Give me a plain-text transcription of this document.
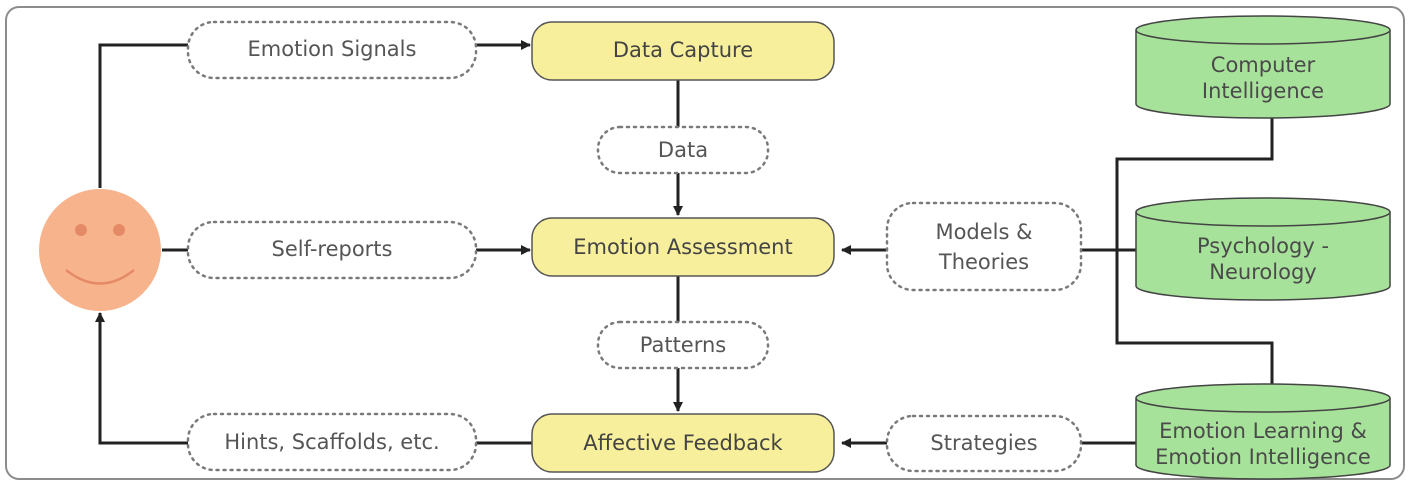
Emotion Signals
Self-reports
Hints, Scaffolds, etc.
Data
Patterns
Models &
Theories
Strategies
Data Capture
Emotion Assessment
Affective Feedback
Computer
Intelligence
Psychology -
Neurology
Emotion Learning &
Emotion Intelligence
